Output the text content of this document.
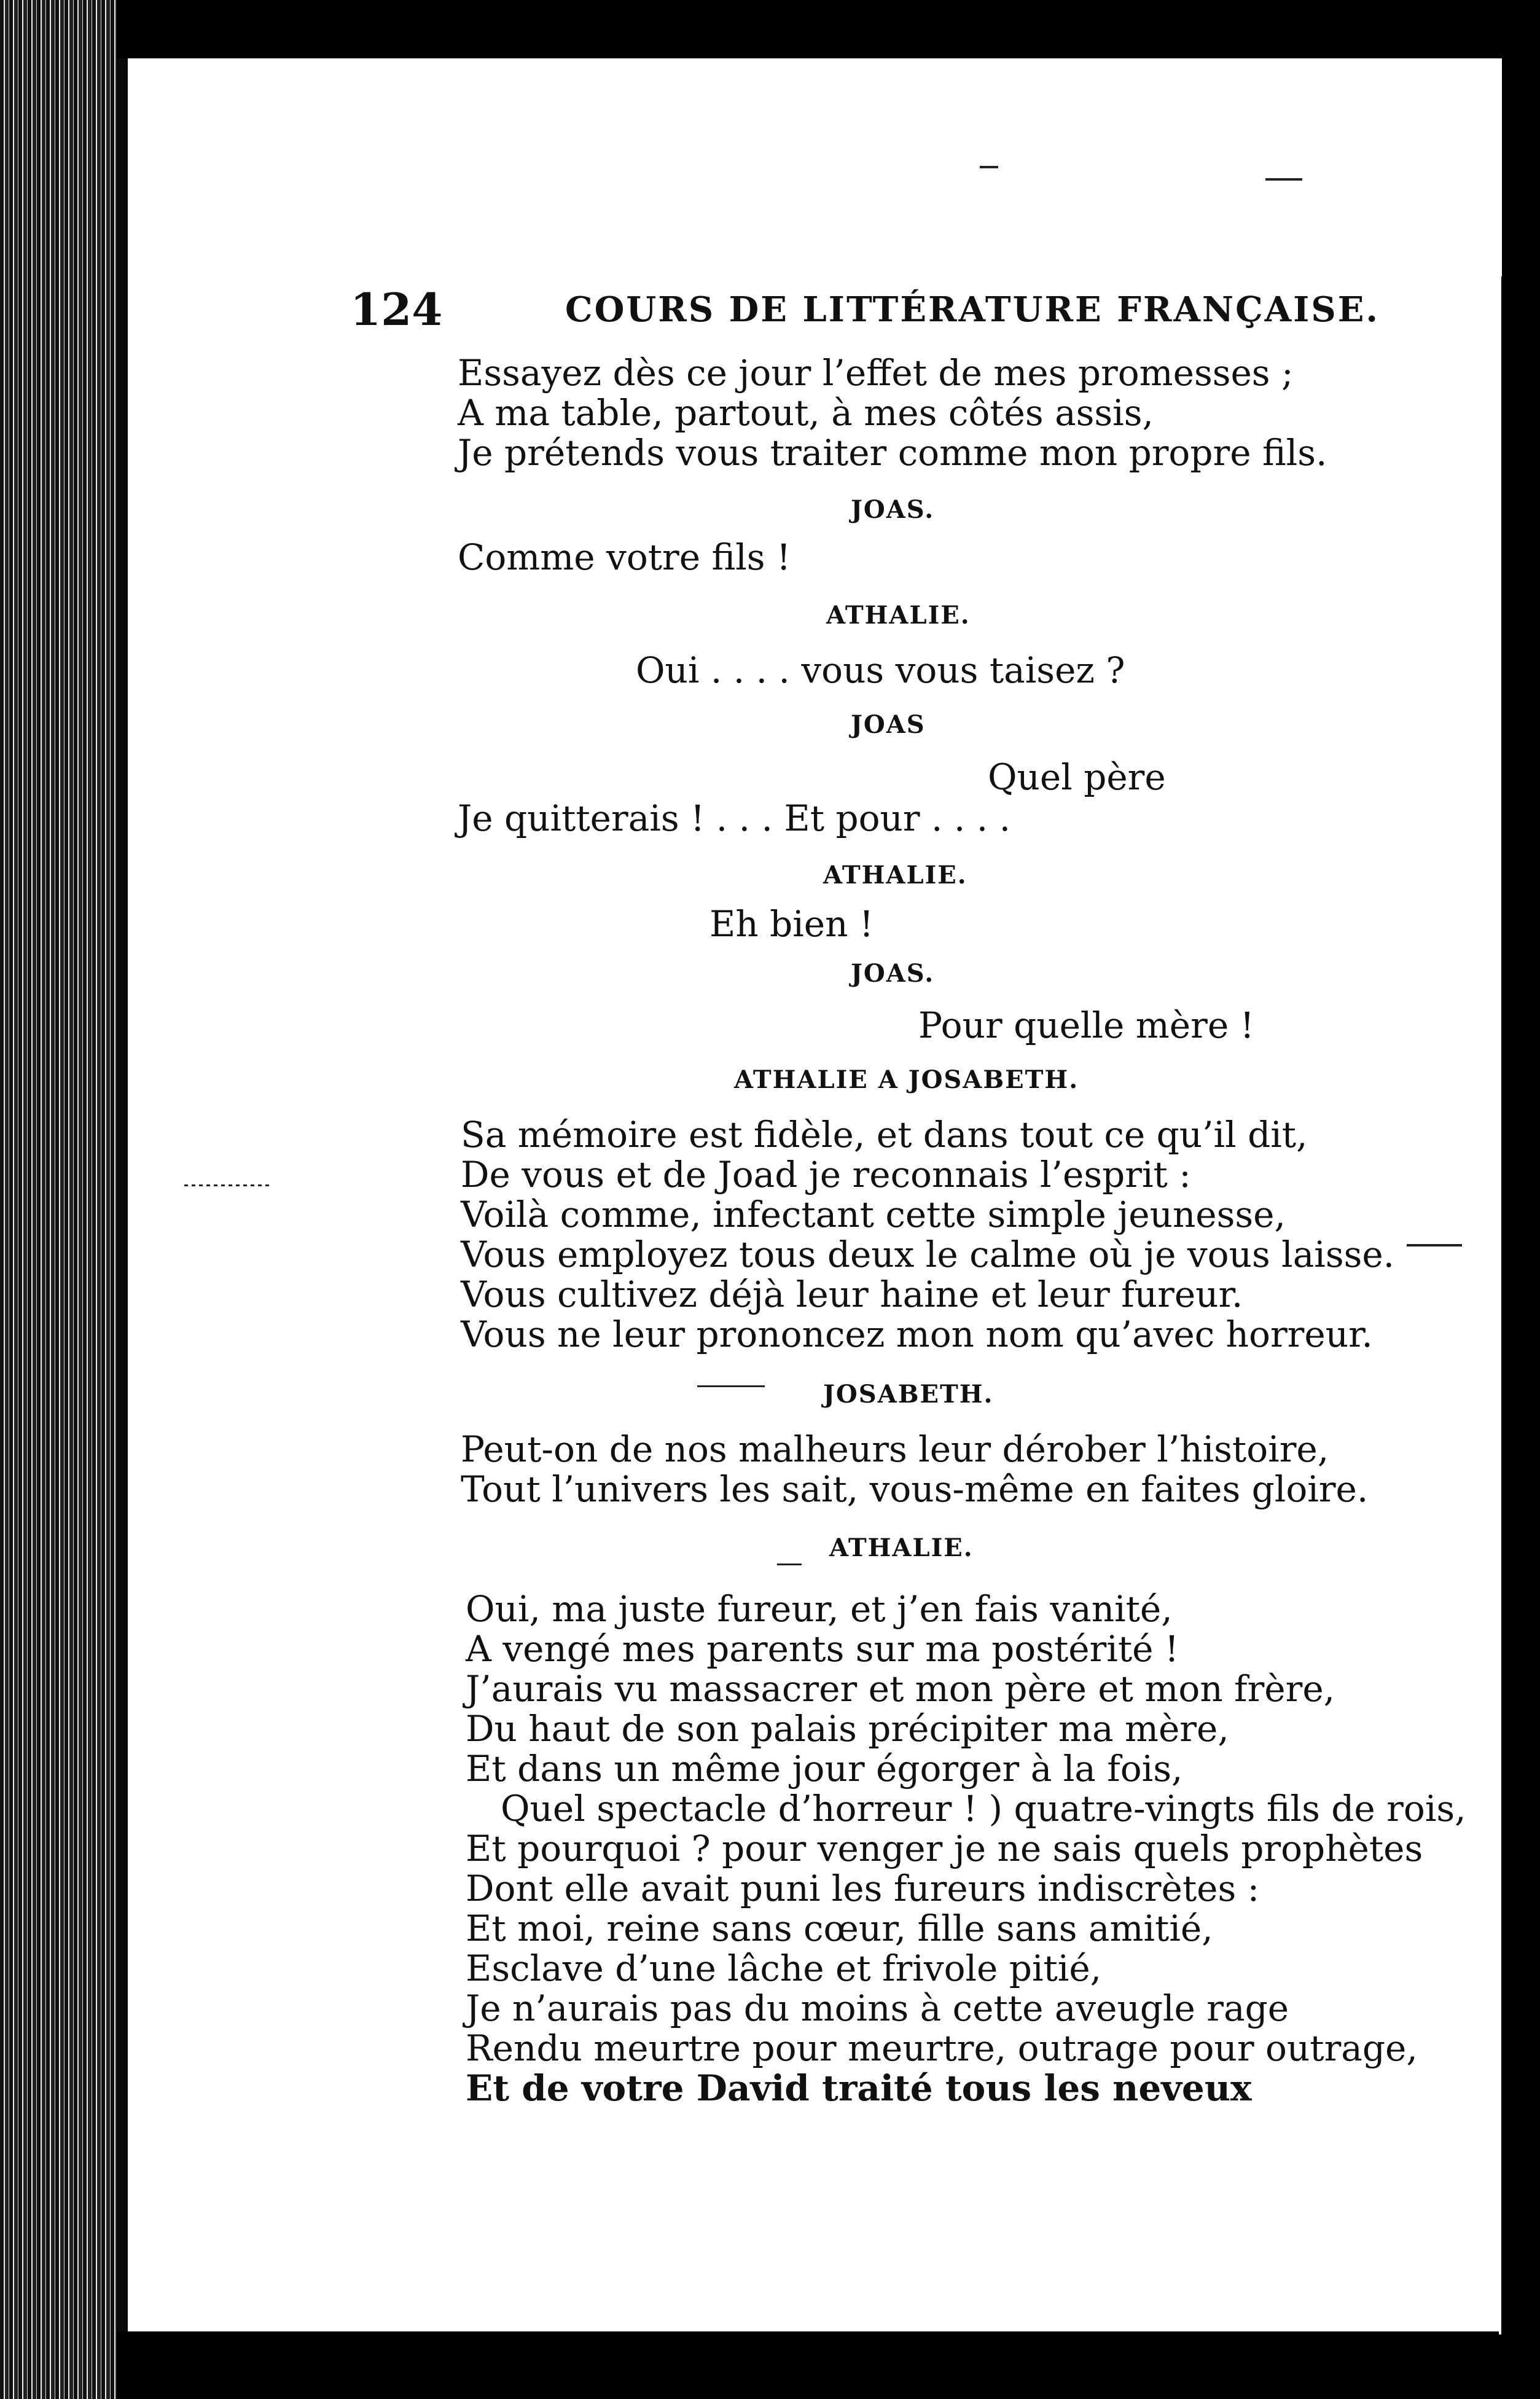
124	COURS DE LITTÉRATURE FRANÇAISE.
Essayez dès ce jour l’effet de mes promesses ;
A ma table, partout, à mes côtés assis,
Je prétends vous traiter comme mon propre fils.
JOAS.
Comme votre fils !
ATHALIE.
Oui . . . . vous vous taisez ?
JOAS
Quel père
Je quitterais ! . . . Et pour . . . .
ATHALIE.
Eh bien !
JOAS.
Pour quelle mère !
ATHALIE A JOSABETH.
Sa mémoire est fidèle, et dans tout ce qu’il dit,
De vous et de Joad je reconnais l’esprit :
Voilà comme, infectant cette simple jeunesse,
Vous employez tous deux le calme où je vous laisse.
Vous cultivez déjà leur haine et leur fureur.
Vous ne leur prononcez mon nom qu’avec horreur.
JOSABETH.
Peut-on de nos malheurs leur dérober l’histoire,
Tout l’univers les sait, vous-même en faites gloire.
ATHALIE.
Oui, ma juste fureur, et j’en fais vanité,
A vengé mes parents sur ma postérité !
J’aurais vu massacrer et mon père et mon frère,
Du haut de son palais précipiter ma mère,
Et dans un même jour égorger à la fois,
Quel spectacle d’horreur ! ) quatre-vingts fils de rois,
Et pourquoi ? pour venger je ne sais quels prophètes
Dont elle avait puni les fureurs indiscrètes :
Et moi, reine sans cœur, fille sans amitié,
Esclave d’une lâche et frivole pitié,
Je n’aurais pas du moins à cette aveugle rage
Rendu meurtre pour meurtre, outrage pour outrage,
Et de votre David traité tous les neveux
